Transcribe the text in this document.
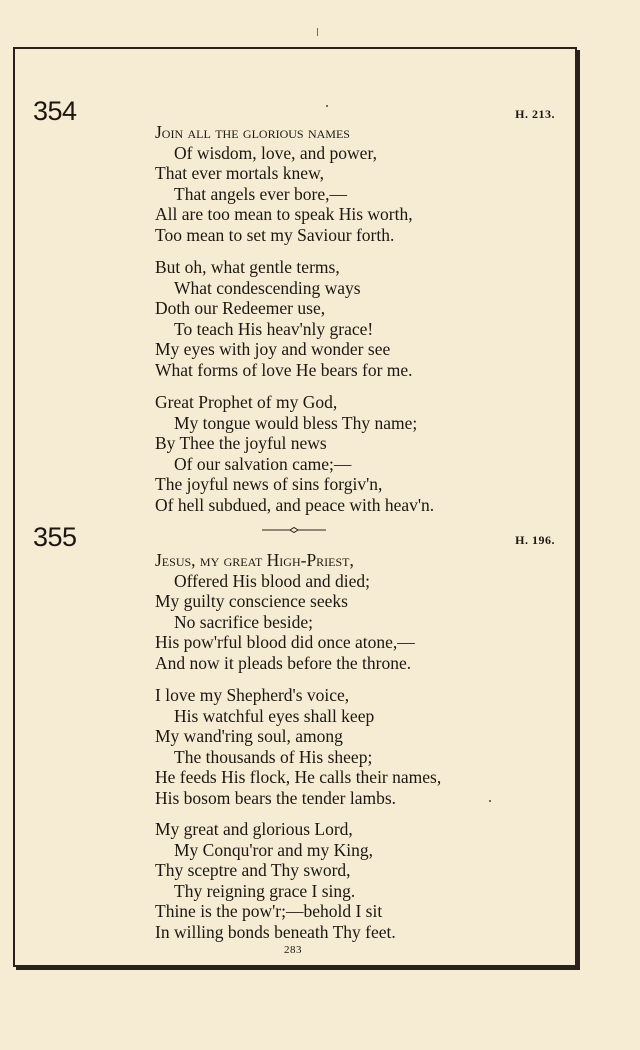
354	H. 213.
Join all the glorious names
Of wisdom, love, and power,
That ever mortals knew,
That angels ever bore,—
All are too mean to speak His worth,
Too mean to set my Saviour forth.
But oh, what gentle terms,
What condescending ways
Doth our Redeemer use,
To teach His heav'nly grace!
My eyes with joy and wonder see
What forms of love He bears for me.
Great Prophet of my God,
My tongue would bless Thy name;
By Thee the joyful news
Of our salvation came;—
The joyful news of sins forgiv'n,
Of hell subdued, and peace with heav'n.
355	H. 196.
Jesus, my great High-Priest,
Offered His blood and died;
My guilty conscience seeks
No sacrifice beside;
His pow'rful blood did once atone,—
And now it pleads before the throne.
I love my Shepherd's voice,
His watchful eyes shall keep
My wand'ring soul, among
The thousands of His sheep;
He feeds His flock, He calls their names,
His bosom bears the tender lambs.
My great and glorious Lord,
My Conqu'ror and my King,
Thy sceptre and Thy sword,
Thy reigning grace I sing.
Thine is the pow'r;—behold I sit
In willing bonds beneath Thy feet.
283
